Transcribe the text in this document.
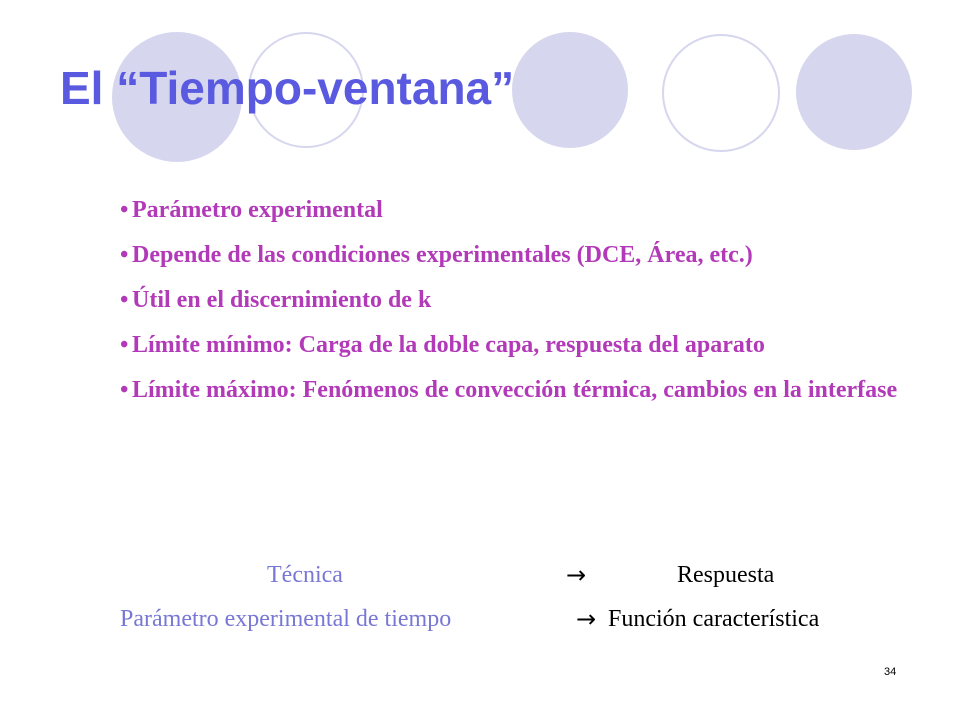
El “Tiempo-ventana”
• Parámetro experimental
• Depende de las condiciones experimentales (DCE, Área, etc.)
• Útil en el discernimiento de k
• Límite mínimo: Carga de la doble capa, respuesta del aparato
• Límite máximo: Fenómenos de convección térmica, cambios en la interfase
Técnica	→	Respuesta
Parámetro experimental de tiempo	→ Función característica
34
